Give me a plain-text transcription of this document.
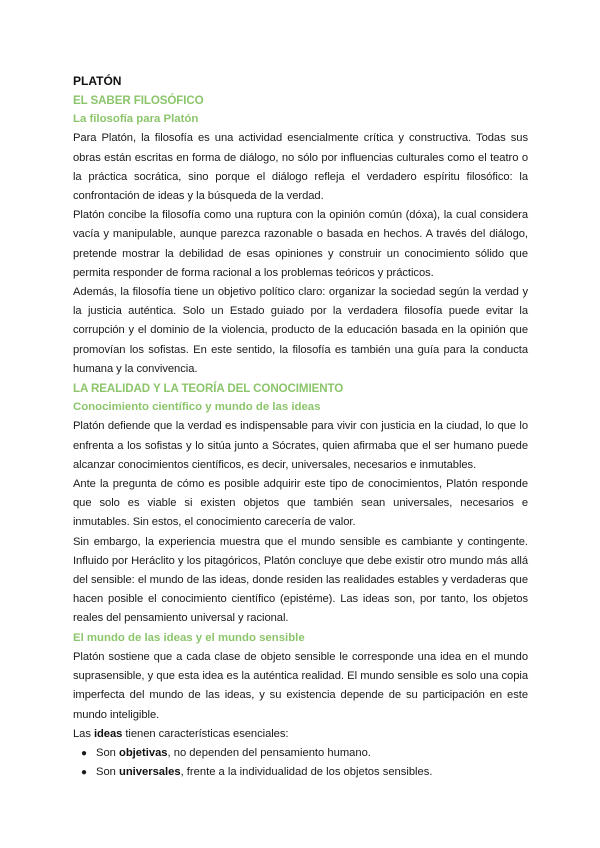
PLATÓN
EL SABER FILOSÓFICO
La filosofía para Platón

Para Platón, la filosofía es una actividad esencialmente crítica y constructiva. Todas sus obras están escritas en forma de diálogo, no sólo por influencias culturales como el teatro o la práctica socrática, sino porque el diálogo refleja el verdadero espíritu filosófico: la confrontación de ideas y la búsqueda de la verdad.

Platón concibe la filosofía como una ruptura con la opinión común (dóxa), la cual considera vacía y manipulable, aunque parezca razonable o basada en hechos. A través del diálogo, pretende mostrar la debilidad de esas opiniones y construir un conocimiento sólido que permita responder de forma racional a los problemas teóricos y prácticos.

Además, la filosofía tiene un objetivo político claro: organizar la sociedad según la verdad y la justicia auténtica. Solo un Estado guiado por la verdadera filosofía puede evitar la corrupción y el dominio de la violencia, producto de la educación basada en la opinión que promovían los sofistas. En este sentido, la filosofía es también una guía para la conducta humana y la convivencia.

LA REALIDAD Y LA TEORÍA DEL CONOCIMIENTO
Conocimiento científico y mundo de las ideas

Platón defiende que la verdad es indispensable para vivir con justicia en la ciudad, lo que lo enfrenta a los sofistas y lo sitúa junto a Sócrates, quien afirmaba que el ser humano puede alcanzar conocimientos científicos, es decir, universales, necesarios e inmutables.

Ante la pregunta de cómo es posible adquirir este tipo de conocimientos, Platón responde que solo es viable si existen objetos que también sean universales, necesarios e inmutables. Sin estos, el conocimiento carecería de valor.

Sin embargo, la experiencia muestra que el mundo sensible es cambiante y contingente. Influido por Heráclito y los pitagóricos, Platón concluye que debe existir otro mundo más allá del sensible: el mundo de las ideas, donde residen las realidades estables y verdaderas que hacen posible el conocimiento científico (epistéme). Las ideas son, por tanto, los objetos reales del pensamiento universal y racional.

El mundo de las ideas y el mundo sensible

Platón sostiene que a cada clase de objeto sensible le corresponde una idea en el mundo suprasensible, y que esta idea es la auténtica realidad. El mundo sensible es solo una copia imperfecta del mundo de las ideas, y su existencia depende de su participación en este mundo inteligible.

Las ideas tienen características esenciales:

● Son objetivas, no dependen del pensamiento humano.
● Son universales, frente a la individualidad de los objetos sensibles.
